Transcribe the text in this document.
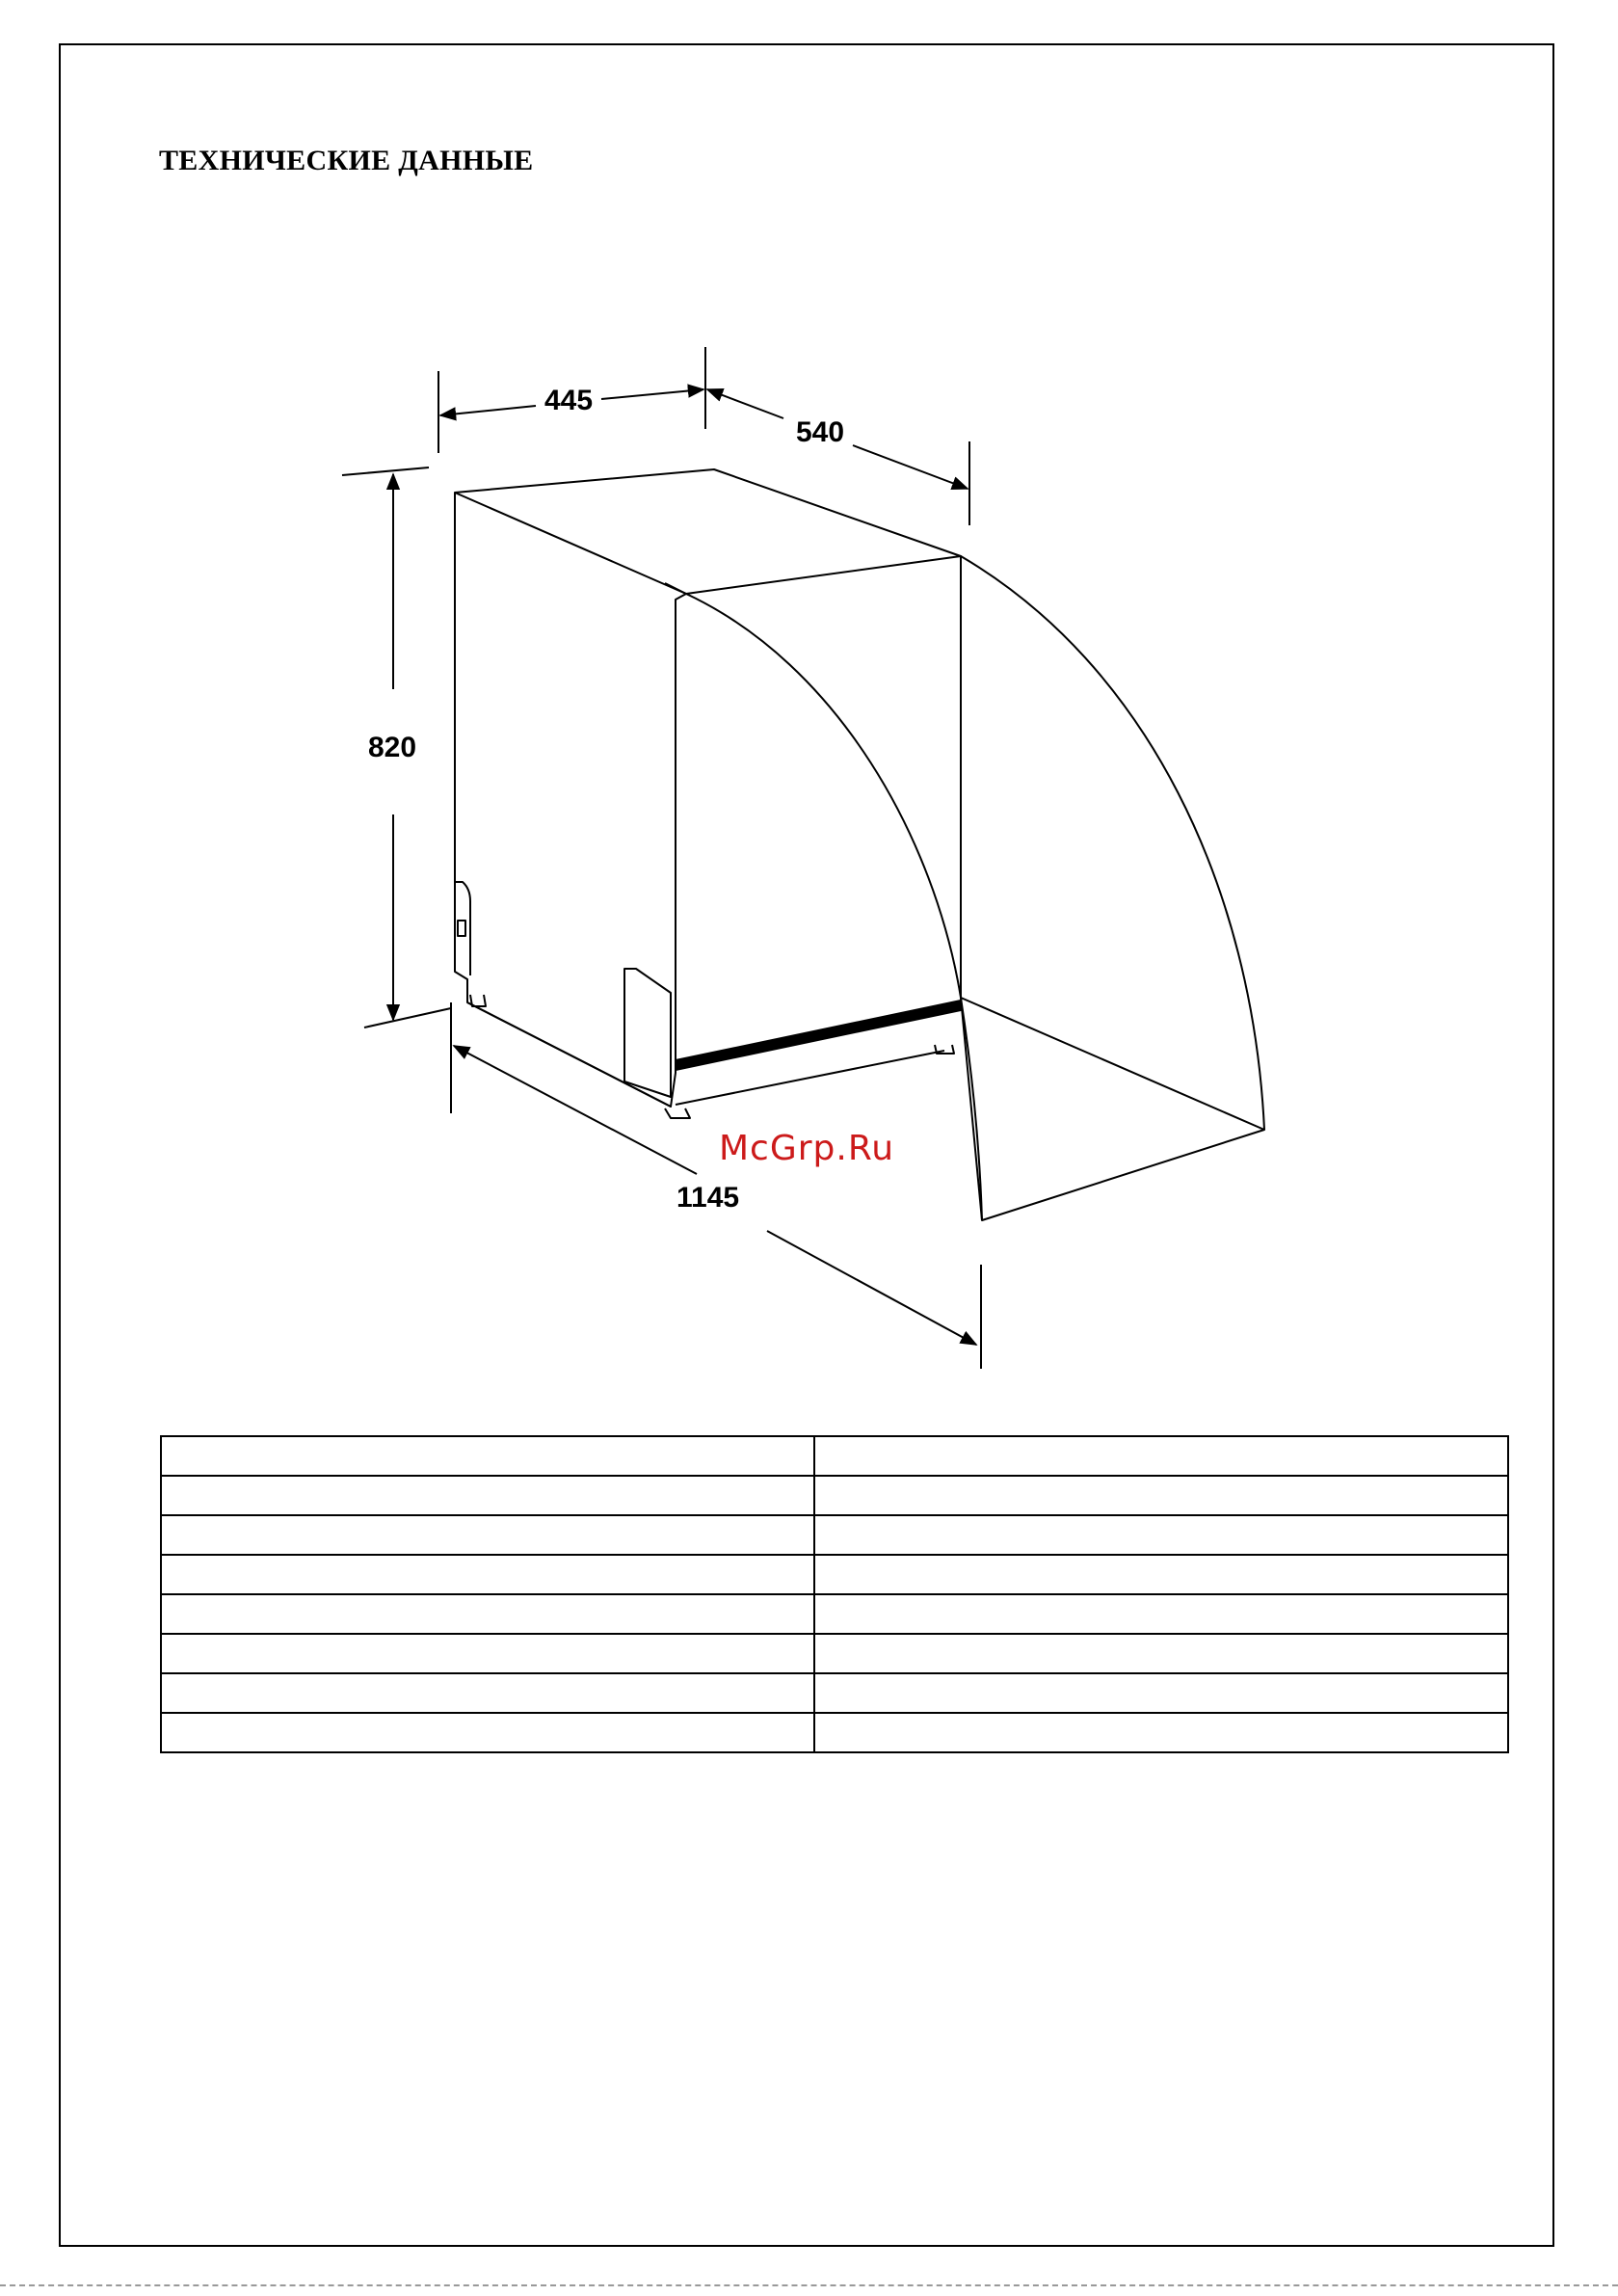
ТЕХНИЧЕСКИЕ ДАННЫЕ
445
540
820
1145
McGrp.Ru
